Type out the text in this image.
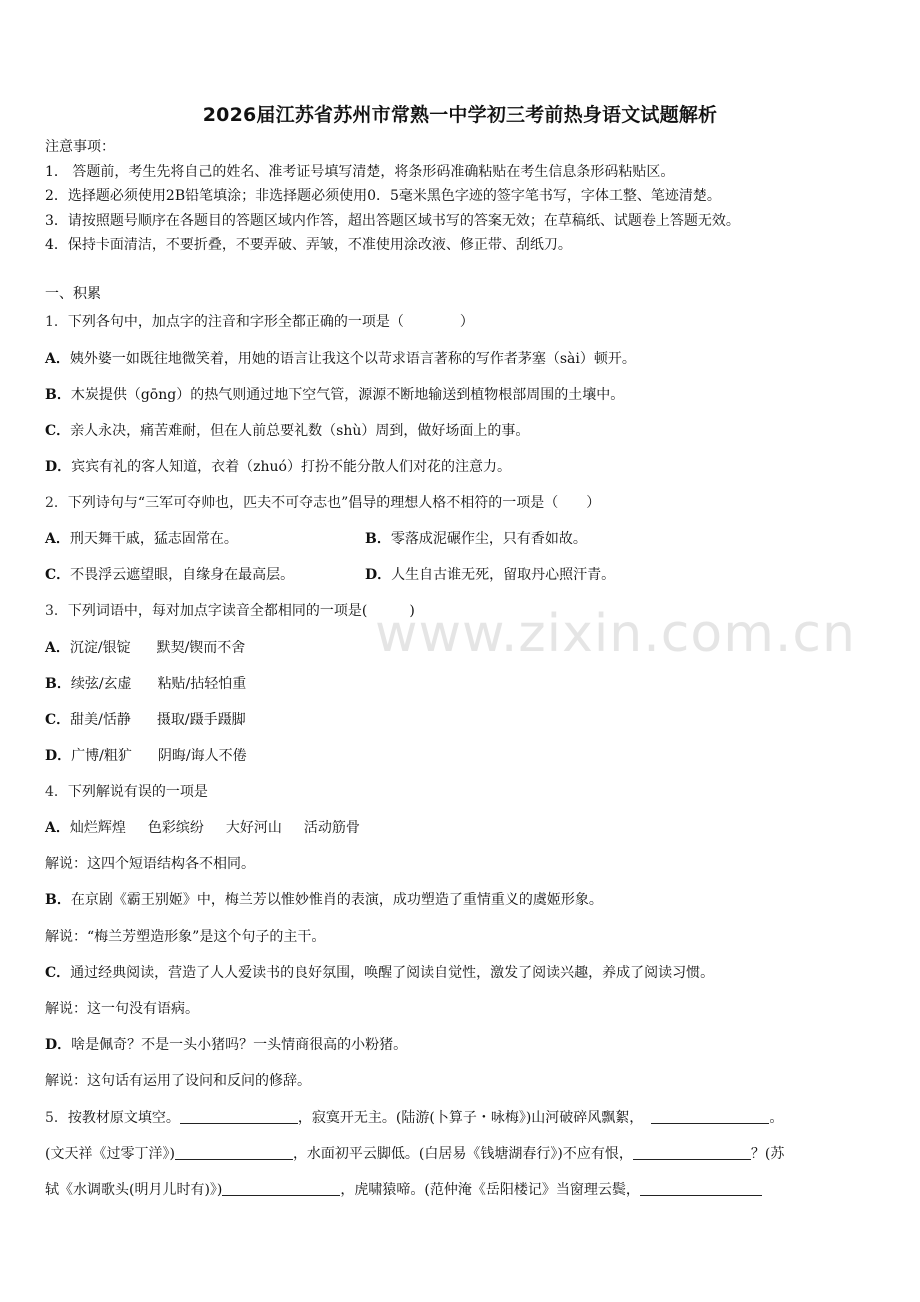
2026届江苏省苏州市常熟一中学初三考前热身语文试题解析
注意事项：
1． 答题前，考生先将自己的姓名、准考证号填写清楚，将条形码准确粘贴在考生信息条形码粘贴区。
2．选择题必须使用2B铅笔填涂；非选择题必须使用0．5毫米黑色字迹的签字笔书写，字体工整、笔迹清楚。
3．请按照题号顺序在各题目的答题区域内作答，超出答题区域书写的答案无效；在草稿纸、试题卷上答题无效。
4．保持卡面清洁，不要折叠，不要弄破、弄皱，不准使用涂改液、修正带、刮纸刀。
一、积累
1．下列各句中，加点字的注音和字形全都正确的一项是（　　　　）
A．姨外婆一如既往地微笑着，用她的语言让我这个以苛求语言著称的写作者茅塞（sài）顿开。
B．木炭提供（gōng）的热气则通过地下空气管，源源不断地输送到植物根部周围的土壤中。
C．亲人永决，痛苦难耐，但在人前总要礼数（shù）周到，做好场面上的事。
D．宾宾有礼的客人知道，衣着（zhuó）打扮不能分散人们对花的注意力。
2．下列诗句与“三军可夺帅也，匹夫不可夺志也”倡导的理想人格不相符的一项是（　　）
A．刑天舞干戚，猛志固常在。	B．零落成泥碾作尘，只有香如故。
C．不畏浮云遮望眼，自缘身在最高层。	D．人生自古谁无死，留取丹心照汗青。
3．下列词语中，每对加点字读音全都相同的一项是(　　　)
A．沉淀/银锭 默契/锲而不舍
B．续弦/玄虚 粘贴/拈轻怕重
C．甜美/恬静 摄取/蹑手蹑脚
D．广博/粗犷 阴晦/诲人不倦
4．下列解说有误的一项是
A．灿烂辉煌 色彩缤纷 大好河山 活动筋骨
解说：这四个短语结构各不相同。
B．在京剧《霸王别姬》中，梅兰芳以惟妙惟肖的表演，成功塑造了重情重义的虞姬形象。
解说：“梅兰芳塑造形象”是这个句子的主干。
C．通过经典阅读，营造了人人爱读书的良好氛围，唤醒了阅读自觉性，激发了阅读兴趣，养成了阅读习惯。
解说：这一句没有语病。
D．啥是佩奇？不是一头小猪吗？一头情商很高的小粉猪。
解说：这句话有运用了设问和反问的修辞。
5．按教材原文填空。	，寂寞开无主。(陆游(卜算子・咏梅》)山河破碎风飘絮，	。
(文天祥《过零丁洋》)	，水面初平云脚低。(白居易《钱塘湖春行》)不应有恨，	？(苏
轼《水调歌头(明月儿时有)》)	，虎啸猿啼。(范仲淹《岳阳楼记》当窗理云鬓，
www.zixin.com.cn
